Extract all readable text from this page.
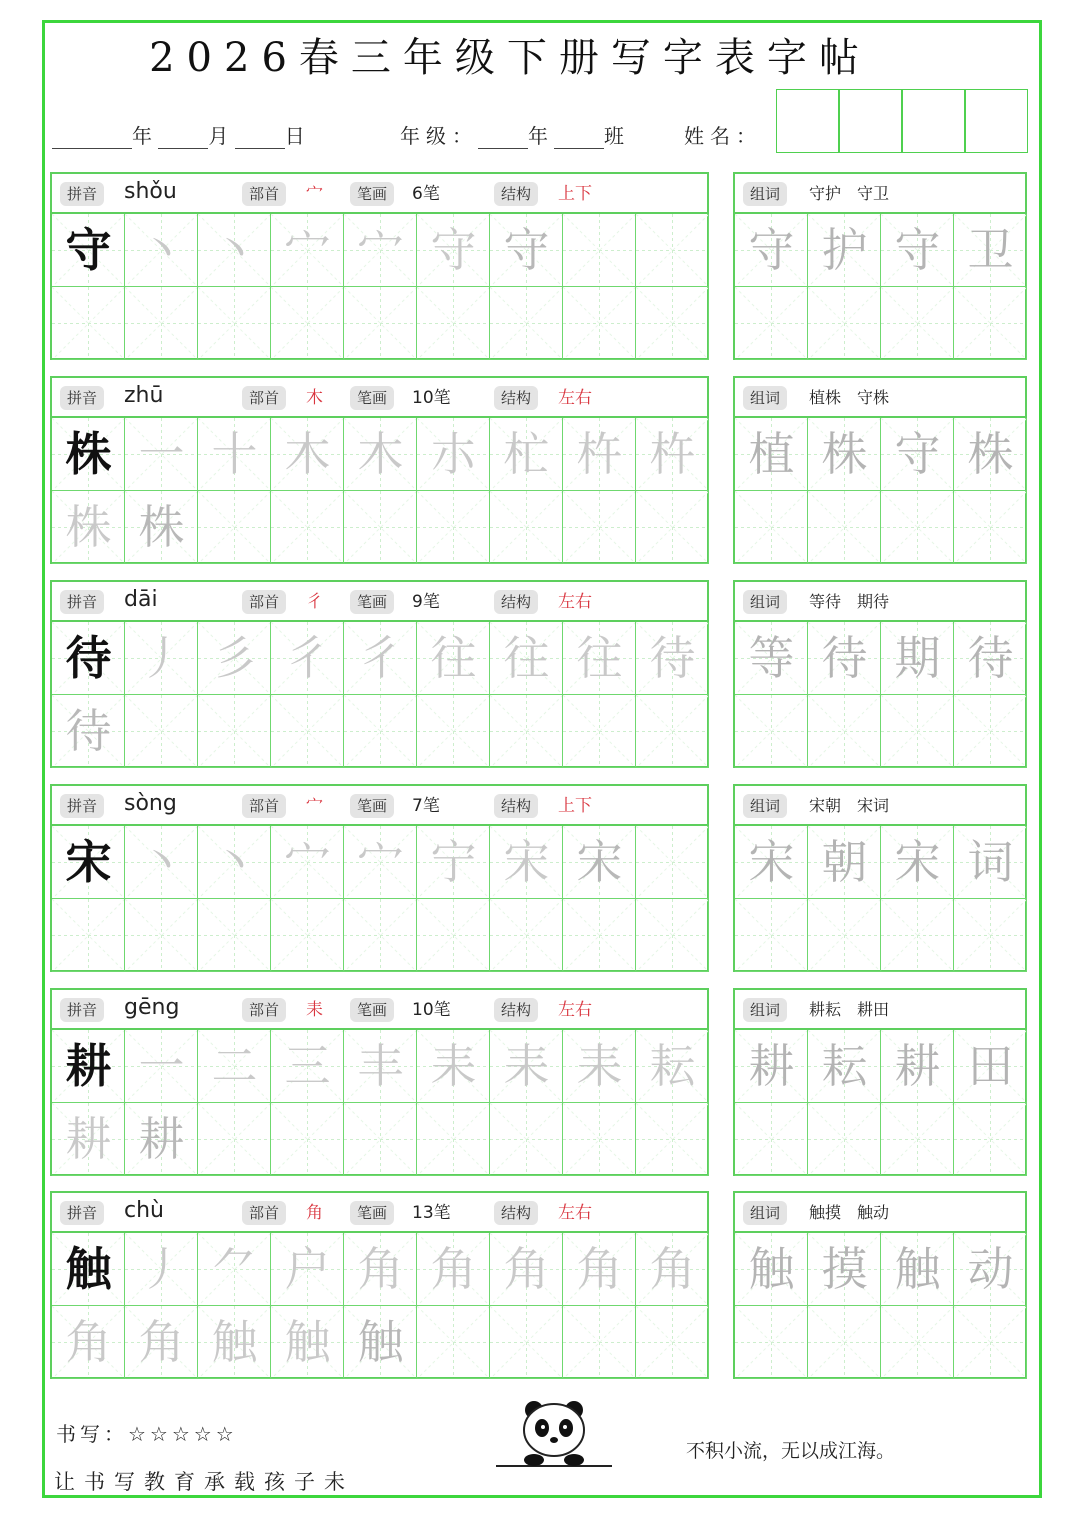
2026春三年级下册写字表字帖
年	月	日	年级：	年	班	姓名：
拼音	shǒu	部首	宀	笔画	6笔	结构	上下
守 丶 丶 宀 宀 守 守
组词	守护　守卫
守 护 守 卫
拼音	zhū	部首	木	笔画	10笔	结构	左右
株 一 十 木 木 朩 杧 杵 杵
株 株
组词	植株　守株
植 株 守 株
拼音	dāi	部首	彳	笔画	9笔	结构	左右
待 丿 彡 彳 彳 往 往 往 待
待
组词	等待　期待
等 待 期 待
拼音	sòng	部首	宀	笔画	7笔	结构	上下
宋 丶 丶 宀 宀 宁 宋 宋
组词	宋朝　宋词
宋 朝 宋 词
拼音	gēng	部首	耒	笔画	10笔	结构	左右
耕 一 二 三 丰 耒 耒 耒 耘
耕 耕
组词	耕耘　耕田
耕 耘 耕 田
拼音	chù	部首	角	笔画	13笔	结构	左右
触 丿 ⺈ 户 角 角 角 角 角
角 角 触 触 触
组词	触摸　触动
触 摸 触 动
书写：☆☆☆☆☆
让书写教育承载孩子未
不积小流，无以成江海。
